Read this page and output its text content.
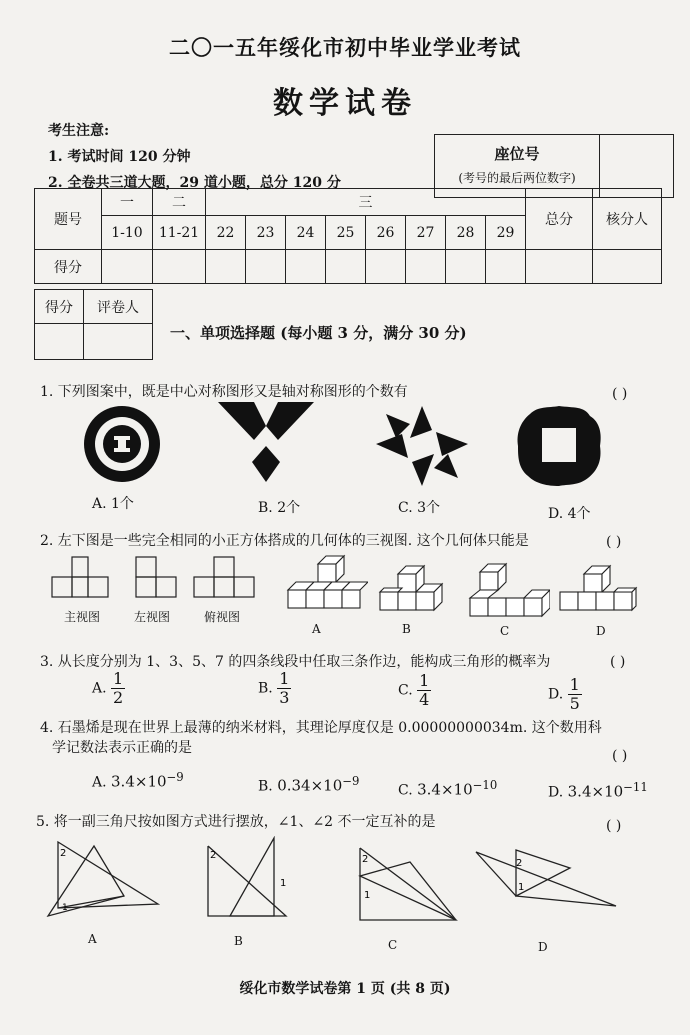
二〇一五年绥化市初中毕业学业考试
数学试卷
考生注意:
1. 考试时间 120 分钟
2. 全卷共三道大题，29 道小题，总分 120 分
座位号
(考号的最后两位数字)
题号	一	二	三								总分	核分人
	1-10	11-21	22	23	24	25	26	27	28	29		
得分												
得分	评卷人

一、单项选择题 (每小题 3 分，满分 30 分)
1. 下列图案中，既是中心对称图形又是轴对称图形的个数有	( )
A. 1个	B. 2个	C. 3个	D. 4个
2. 左下图是一些完全相同的小正方体搭成的几何体的三视图. 这个几何体只能是	( )
主视图	左视图	俯视图
A	B	C	D
3. 从长度分别为 1、3、5、7 的四条线段中任取三条作边，能构成三角形的概率为	( )
A. $\frac{1}{2}$	B. $\frac{1}{3}$	C. $\frac{1}{4}$	D. $\frac{1}{5}$
4. 石墨烯是现在世界上最薄的纳米材料，其理论厚度仅是 0.00000000034m. 这个数用科
学记数法表示正确的是	( )
A. $3.4\times 10^{-9}$
B. $0.34\times 10^{-9}$
C. $3.4\times 10^{-10}$	D. $3.4\times 10^{-11}$
5. 将一副三角尺按如图方式进行摆放，∠1、∠2 不一定互补的是	( )
2
1
2
1
2
1
2
1
A	B	C	D
绥化市数学试卷第 1 页 (共 8 页)
